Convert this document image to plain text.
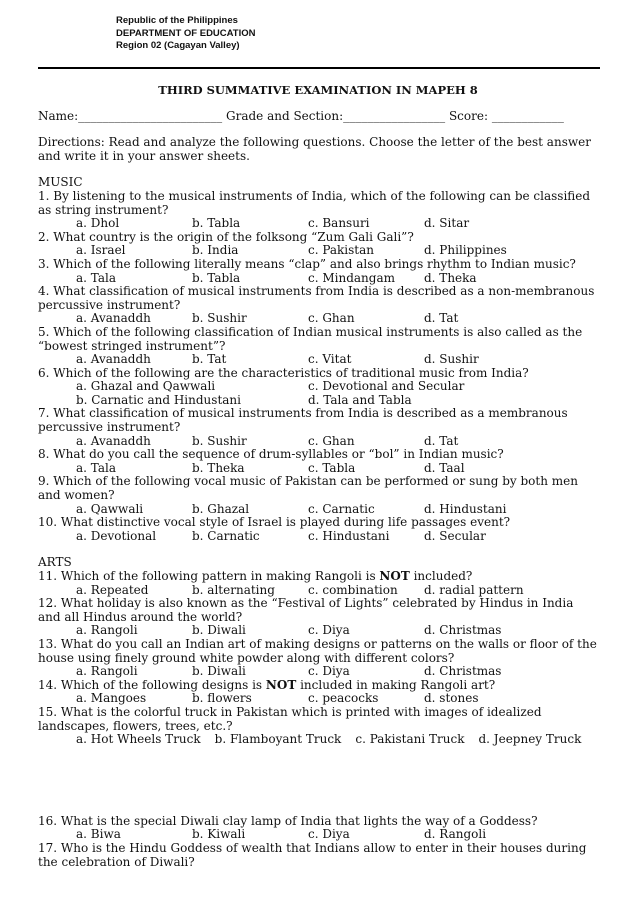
Republic of the Philippines
DEPARTMENT OF EDUCATION
Region 02 (Cagayan Valley)
THIRD SUMMATIVE EXAMINATION IN MAPEH 8
Name:________________________ Grade and Section:_________________ Score: ____________
Directions: Read and analyze the following questions. Choose the letter of the best answer and write it in your answer sheets.
MUSIC
1. By listening to the musical instruments of India, which of the following can be classified as string instrument?
a. Dhol	b. Tabla	c. Bansuri	d. Sitar
2. What country is the origin of the folksong “Zum Gali Gali”?
a. Israel	b. India	c. Pakistan	d. Philippines
3. Which of the following literally means “clap” and also brings rhythm to Indian music?
a. Tala	b. Tabla	c. Mindangam	d. Theka
4. What classification of musical instruments from India is described as a non-membranous percussive instrument?
a. Avanaddh	b. Sushir	c. Ghan	d. Tat
5. Which of the following classification of Indian musical instruments is also called as the “bowest stringed instrument”?
a. Avanaddh	b. Tat	c. Vitat	d. Sushir
6. Which of the following are the characteristics of traditional music from India?
a. Ghazal and Qawwali	c. Devotional and Secular
b. Carnatic and Hindustani	d. Tala and Tabla
7. What classification of musical instruments from India is described as a membranous percussive instrument?
a. Avanaddh	b. Sushir	c. Ghan	d. Tat
8. What do you call the sequence of drum-syllables or “bol” in Indian music?
a. Tala	b. Theka	c. Tabla	d. Taal
9. Which of the following vocal music of Pakistan can be performed or sung by both men and women?
a. Qawwali	b. Ghazal	c. Carnatic	d. Hindustani
10. What distinctive vocal style of Israel is played during life passages event?
a. Devotional	b. Carnatic	c. Hindustani	d. Secular
ARTS
11. Which of the following pattern in making Rangoli is NOT included?
a. Repeated	b. alternating	c. combination	d. radial pattern
12. What holiday is also known as the “Festival of Lights” celebrated by Hindus in India and all Hindus around the world?
a. Rangoli	b. Diwali	c. Diya	d. Christmas
13. What do you call an Indian art of making designs or patterns on the walls or floor of the house using finely ground white powder along with different colors?
a. Rangoli	b. Diwali	c. Diya	d. Christmas
14. Which of the following designs is NOT included in making Rangoli art?
a. Mangoes	b. flowers	c. peacocks	d. stones
15. What is the colorful truck in Pakistan which is printed with images of idealized landscapes, flowers, trees, etc.?
a. Hot Wheels Truck b. Flamboyant Truck c. Pakistani Truck d. Jeepney Truck
16. What is the special Diwali clay lamp of India that lights the way of a Goddess?
a. Biwa	b. Kiwali	c. Diya	d. Rangoli
17. Who is the Hindu Goddess of wealth that Indians allow to enter in their houses during the celebration of Diwali?
